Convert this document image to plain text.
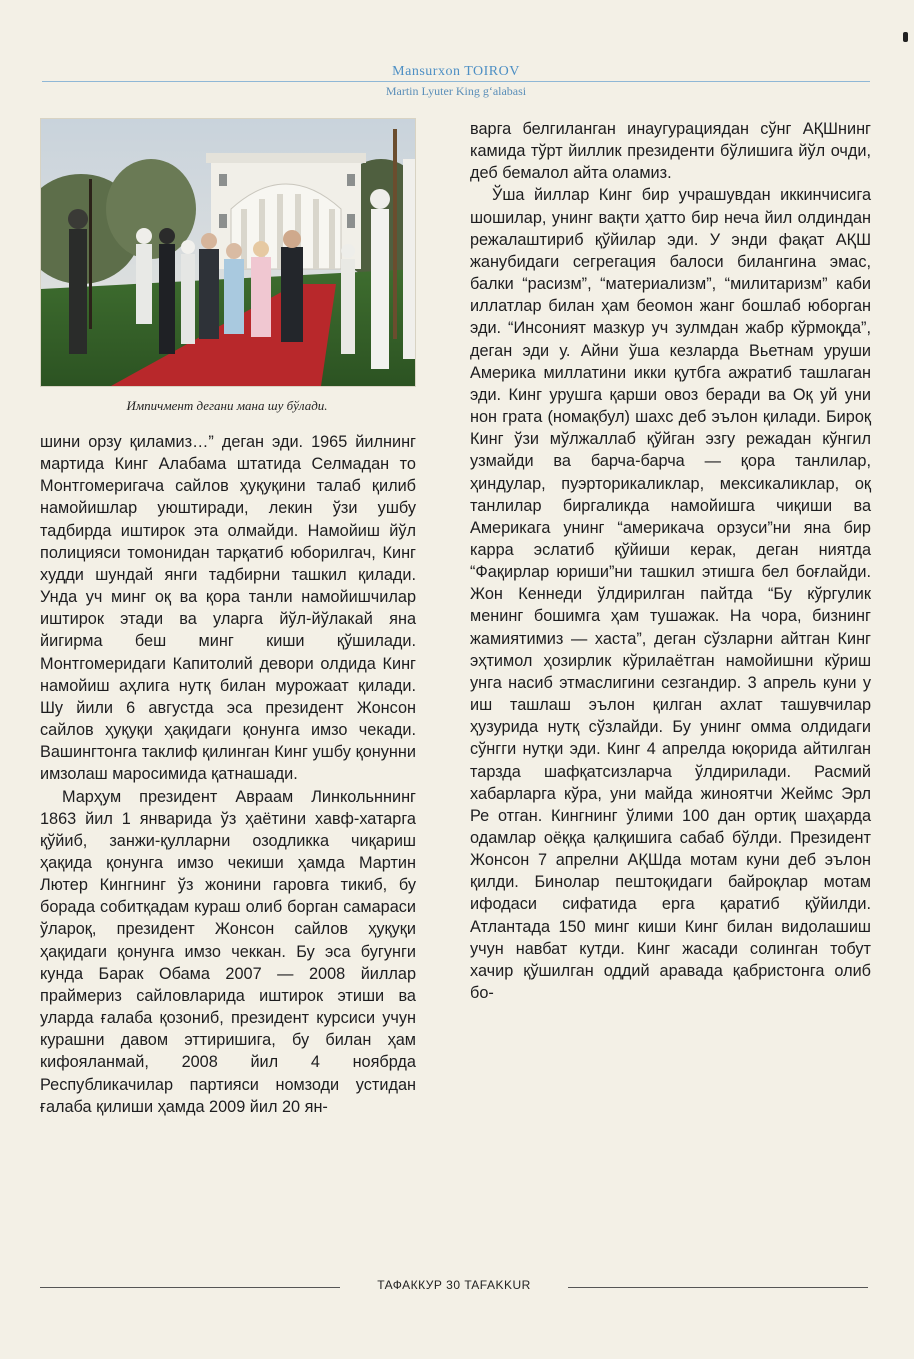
Mansurxon TOIROV
Martin Lyuter King g‘alabasi
Импичмент дегани мана шу бўлади.

шини орзу қиламиз…” деган эди. 1965 йилнинг мартида Кинг Алабама штатида Селмадан то Монтгомеригача сайлов ҳуқуқини талаб қилиб намойишлар уюштиради, лекин ўзи ушбу тадбирда иштирок эта олмайди. Намойиш йўл полицияси томонидан тарқатиб юборилгач, Кинг худди шундай янги тадбирни ташкил қилади. Унда уч минг оқ ва қора танли намойишчилар иштирок этади ва уларга йўл-йўлакай яна йигирма беш минг киши қўшилади. Монтгомеридаги Капитолий девори олдида Кинг намойиш аҳлига нутқ билан мурожаат қилади. Шу йили 6 августда эса президент Жонсон сайлов ҳуқуқи ҳақидаги қонунга имзо чекади. Вашингтонга таклиф қилинган Кинг ушбу қонунни имзолаш маросимида қатнашади.

Марҳум президент Авраам Линкольннинг 1863 йил 1 январида ўз ҳаётини хавф-хатарга қўйиб, занжи-қулларни озодликка чиқариш ҳақида қонунга имзо чекиши ҳамда Мартин Лютер Кингнинг ўз жонини гаровга тикиб, бу борада собитқадам кураш олиб борган самараси ўлароқ, президент Жонсон сайлов ҳуқуқи ҳақидаги қонунга имзо чеккан. Бу эса бугунги кунда Барак Обама 2007 — 2008 йиллар праймериз сайловларида иштирок этиши ва уларда ғалаба қозониб, президент курсиси учун курашни давом эттиришига, бу билан ҳам кифояланмай, 2008 йил 4 ноябрда Республикачилар партияси номзоди устидан ғалаба қилиши ҳамда 2009 йил 20 ян-

варга белгиланган инаугурациядан сўнг АҚШнинг камида тўрт йиллик президенти бўлишига йўл очди, деб бемалол айта оламиз.

Ўша йиллар Кинг бир учрашувдан иккинчисига шошилар, унинг вақти ҳатто бир неча йил олдиндан режалаштириб қўйилар эди. У энди фақат АҚШ жанубидаги сегрегация балоси билангина эмас, балки “расизм”, “материализм”, “милитаризм” каби иллатлар билан ҳам беомон жанг бошлаб юборган эди. “Инсоният мазкур уч зулмдан жабр кўрмоқда”, деган эди у. Айни ўша кезларда Вьетнам уруши Америка миллатини икки қутбга ажратиб ташлаган эди. Кинг урушга қарши овоз беради ва Оқ уй уни нон грата (номақбул) шахс деб эълон қилади. Бироқ Кинг ўзи мўлжаллаб қўйган эзгу режадан кўнгил узмайди ва барча-барча — қора танлилар, ҳиндулар, пуэрторикаликлар, мексикаликлар, оқ танлилар биргаликда намойишга чиқиши ва Америкага унинг “америкача орзуси”ни яна бир карра эслатиб қўйиши керак, деган ниятда “Фақирлар юриши”ни ташкил этишга бел боғлайди. Жон Кеннеди ўлдирилган пайтда “Бу кўргулик менинг бошимга ҳам тушажак. На чора, бизнинг жамиятимиз — хаста”, деган сўзларни айтган Кинг эҳтимол ҳозирлик кўрилаётган намойишни кўриш унга насиб этмаслигини сезгандир. 3 апрель куни у иш ташлаш эълон қилган ахлат ташувчилар ҳузурида нутқ сўзлайди. Бу унинг омма олдидаги сўнгги нутқи эди. Кинг 4 апрелда юқорида айтилган тарзда шафқатсизларча ўлдирилади. Расмий хабарларга кўра, уни майда жиноятчи Жеймс Эрл Ре отган. Кингнинг ўлими 100 дан ортиқ шаҳарда одамлар оёққа қалқишига сабаб бўлди. Президент Жонсон 7 апрелни АҚШда мотам куни деб эълон қилди. Бинолар пештоқидаги байроқлар мотам ифодаси сифатида ерга қаратиб қўйилди. Атлантада 150 минг киши Кинг билан видолашиш учун навбат кутди. Кинг жасади солинган тобут хачир қўшилган оддий аравада қабристонга олиб бо-

ТАФАККУР 30 TAFAKKUR
